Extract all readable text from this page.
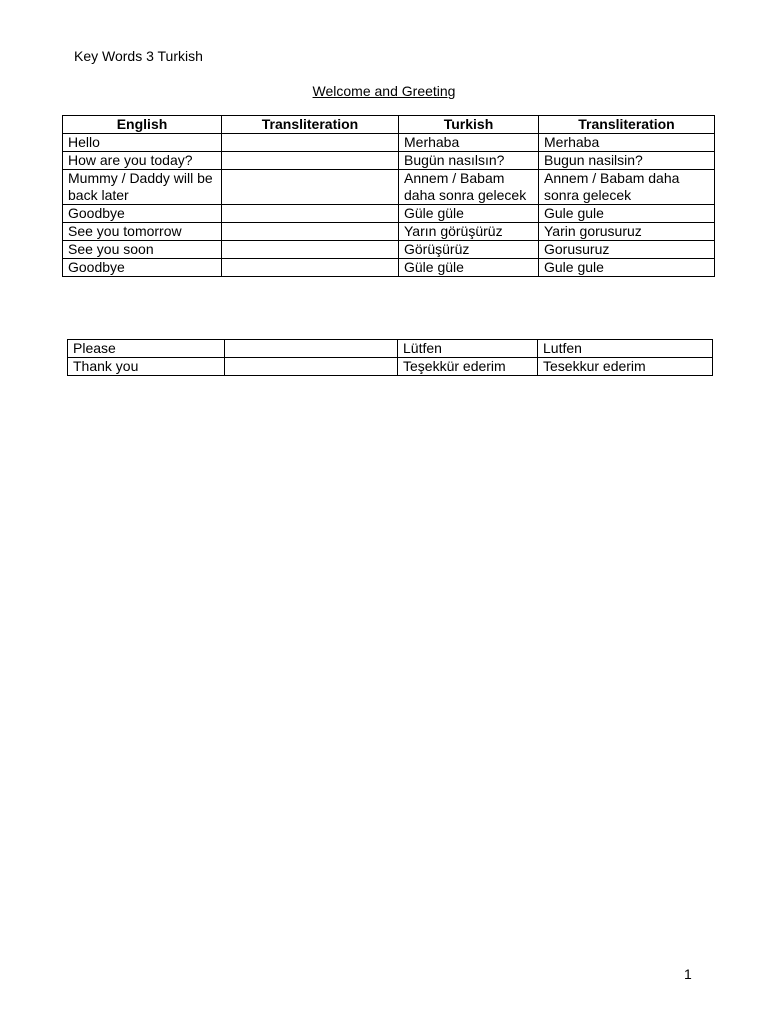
Key Words 3 Turkish
Welcome and Greeting
English	Transliteration	Turkish	Transliteration
Hello		Merhaba	Merhaba
How are you today?		Bugün nasılsın?	Bugun nasilsin?
Mummy / Daddy will be back later		Annem / Babam daha sonra gelecek	Annem / Babam daha sonra gelecek
Goodbye		Güle güle	Gule gule
See you tomorrow		Yarın görüşürüz	Yarin gorusuruz
See you soon		Görüşürüz	Gorusuruz
Goodbye		Güle güle	Gule gule
Please		Lütfen	Lutfen
Thank you		Teşekkür ederim	Tesekkur ederim
1
